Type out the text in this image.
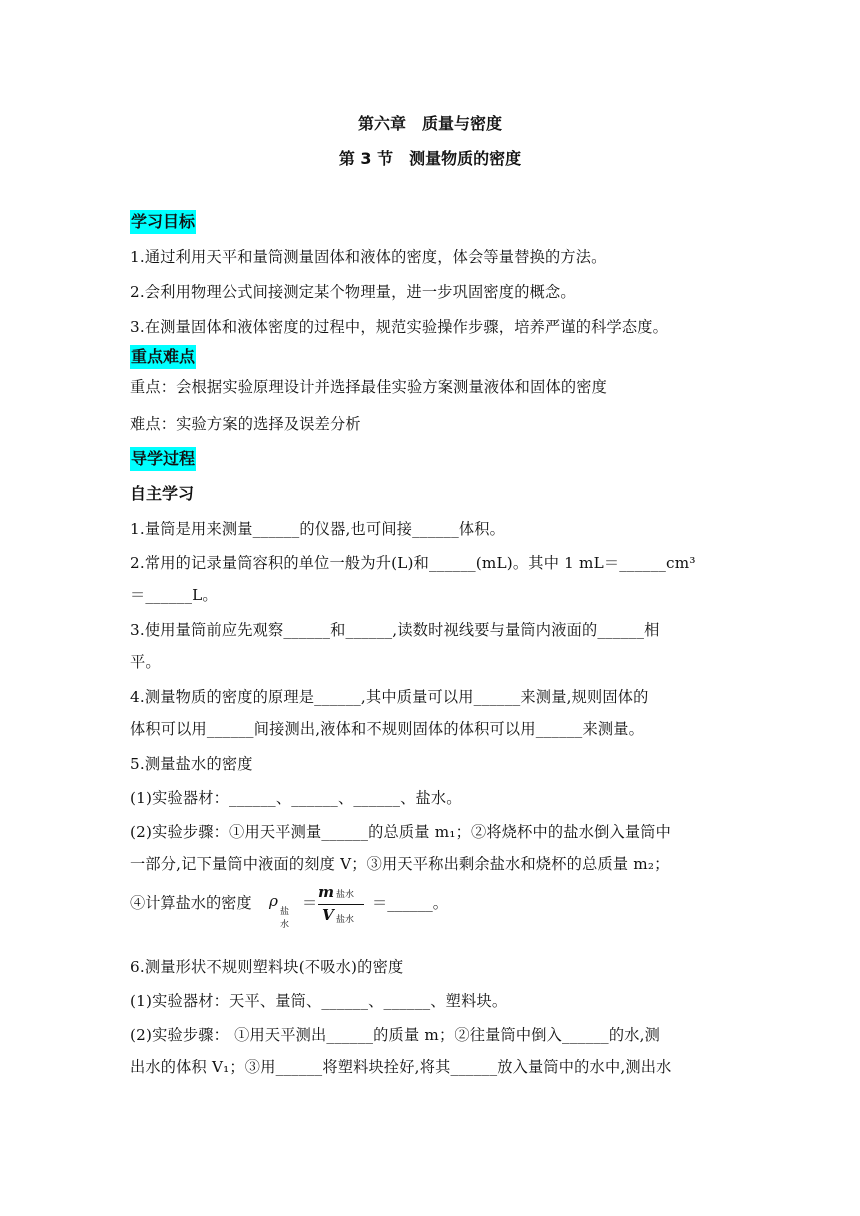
第六章　质量与密度
第 3 节　测量物质的密度
学习目标
1.通过利用天平和量筒测量固体和液体的密度，体会等量替换的方法。
2.会利用物理公式间接测定某个物理量，进一步巩固密度的概念。
3.在测量固体和液体密度的过程中，规范实验操作步骤，培养严谨的科学态度。
重点难点
重点：会根据实验原理设计并选择最佳实验方案测量液体和固体的密度
难点：实验方案的选择及误差分析
导学过程
自主学习
1.量筒是用来测量______的仪器,也可间接______体积。
2.常用的记录量筒容积的单位一般为升(L)和______(mL)。其中 1 mL＝______cm³
＝______L。
3.使用量筒前应先观察______和______,读数时视线要与量筒内液面的______相
平。
4.测量物质的密度的原理是______,其中质量可以用______来测量,规则固体的
体积可以用______间接测出,液体和不规则固体的体积可以用______来测量。
5.测量盐水的密度
(1)实验器材：______、______、______、盐水。
(2)实验步骤：①用天平测量______的总质量 m₁；②将烧杯中的盐水倒入量筒中
一部分,记下量筒中液面的刻度 V；③用天平称出剩余盐水和烧杯的总质量 m₂；
④计算盐水的密度 ρ
盐水
＝
m 盐水
V 盐水
＝______。
6.测量形状不规则塑料块(不吸水)的密度
(1)实验器材：天平、量筒、______、______、塑料块。
(2)实验步骤： ①用天平测出______的质量 m；②往量筒中倒入______的水,测
出水的体积 V₁；③用______将塑料块拴好,将其______放入量筒中的水中,测出水
